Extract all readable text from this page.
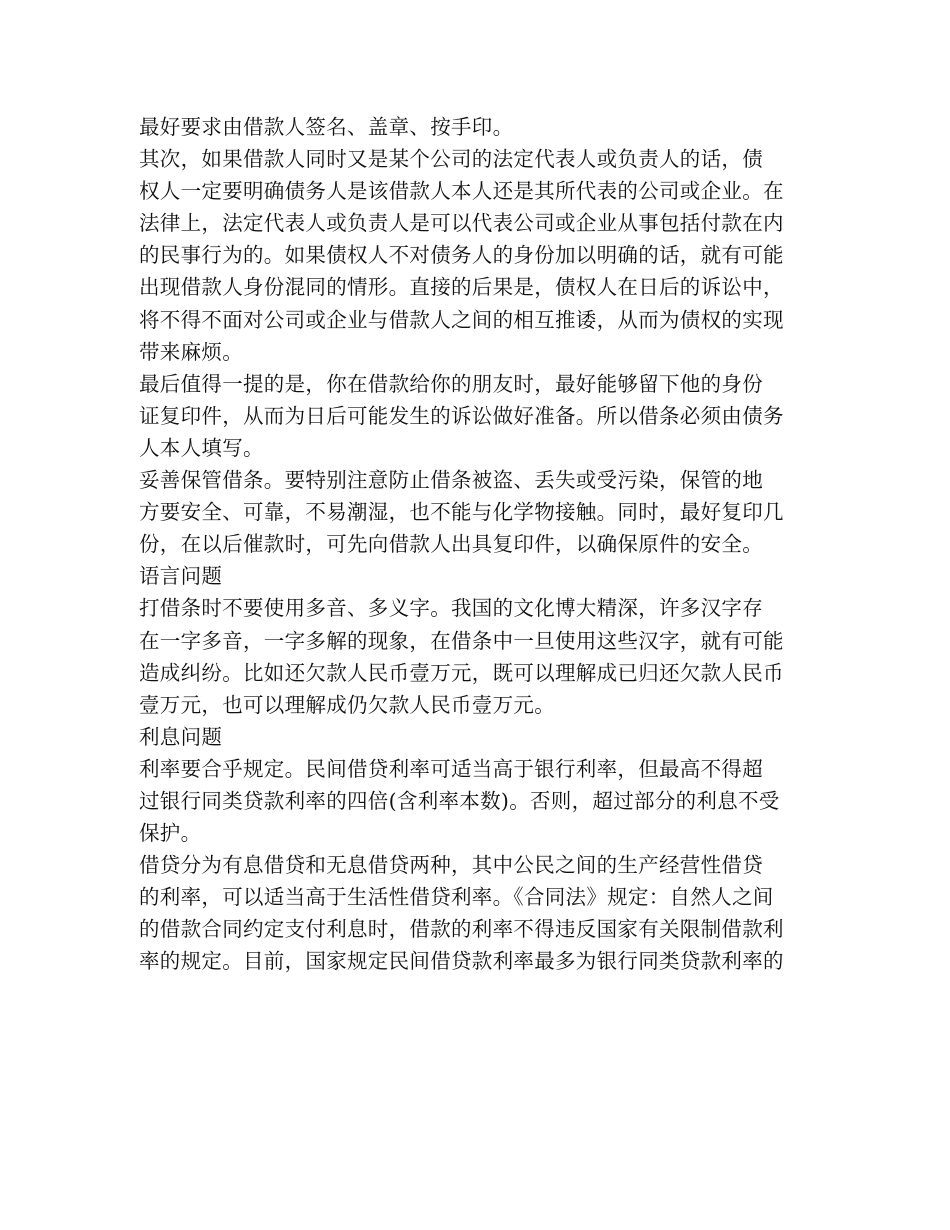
最好要求由借款人签名、盖章、按手印。
其次，如果借款人同时又是某个公司的法定代表人或负责人的话，债
权人一定要明确债务人是该借款人本人还是其所代表的公司或企业。在
法律上，法定代表人或负责人是可以代表公司或企业从事包括付款在内
的民事行为的。如果债权人不对债务人的身份加以明确的话，就有可能
出现借款人身份混同的情形。直接的后果是，债权人在日后的诉讼中，
将不得不面对公司或企业与借款人之间的相互推诿，从而为债权的实现
带来麻烦。
最后值得一提的是，你在借款给你的朋友时，最好能够留下他的身份
证复印件，从而为日后可能发生的诉讼做好准备。所以借条必须由债务
人本人填写。
妥善保管借条。要特别注意防止借条被盗、丢失或受污染，保管的地
方要安全、可靠，不易潮湿，也不能与化学物接触。同时，最好复印几
份，在以后催款时，可先向借款人出具复印件，以确保原件的安全。
语言问题
打借条时不要使用多音、多义字。我国的文化博大精深，许多汉字存
在一字多音，一字多解的现象，在借条中一旦使用这些汉字，就有可能
造成纠纷。比如还欠款人民币壹万元，既可以理解成已归还欠款人民币
壹万元，也可以理解成仍欠款人民币壹万元。
利息问题
利率要合乎规定。民间借贷利率可适当高于银行利率，但最高不得超
过银行同类贷款利率的四倍(含利率本数)。否则，超过部分的利息不受
保护。
借贷分为有息借贷和无息借贷两种，其中公民之间的生产经营性借贷
的利率，可以适当高于生活性借贷利率。《合同法》规定：自然人之间
的借款合同约定支付利息时，借款的利率不得违反国家有关限制借款利
率的规定。目前，国家规定民间借贷款利率最多为银行同类贷款利率的
